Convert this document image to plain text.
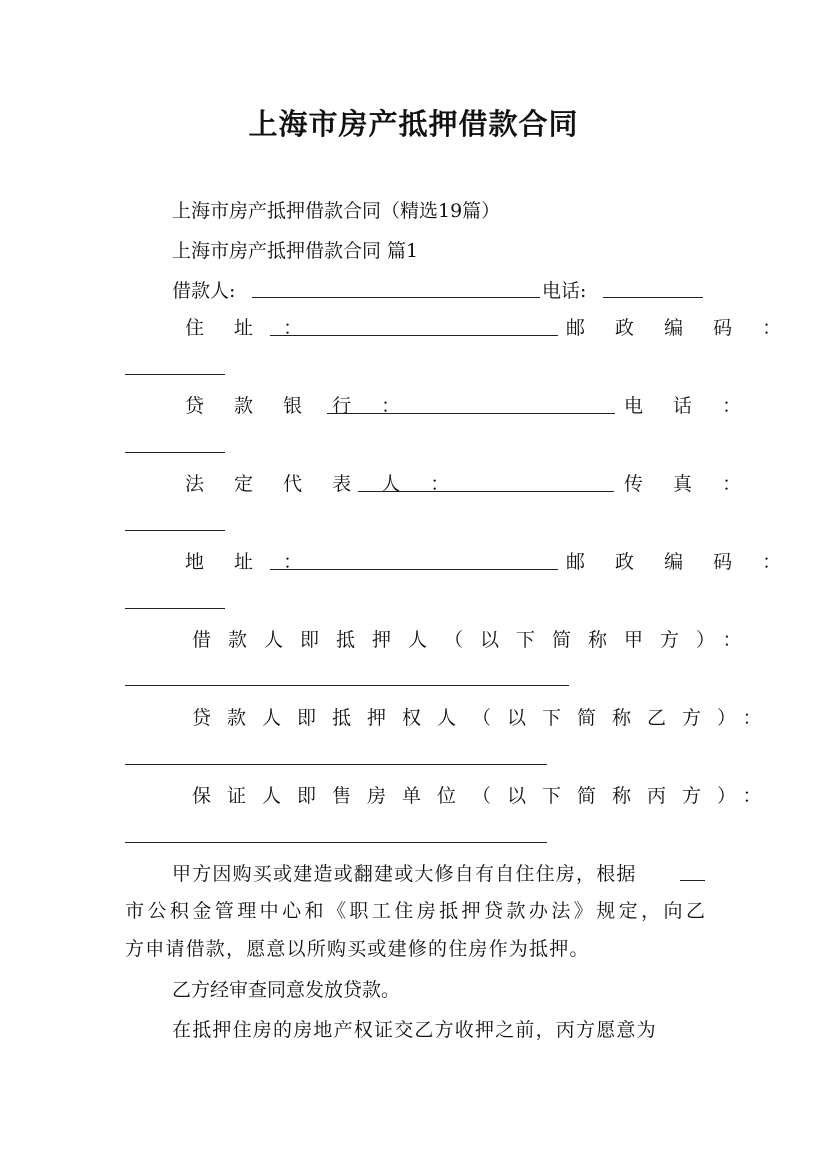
上海市房产抵押借款合同
上海市房产抵押借款合同（精选19篇）
上海市房产抵押借款合同 篇1
借款人:	电话:
住 址 ：	邮 政 编 码 ：
贷 款 银 行 ：	电 话 ：
法 定 代 表 人 ：	传 真 ：
地 址 ：	邮 政 编 码 ：
借款人即抵押人（以下简称甲方）：
贷款人即抵押权人（以下简称乙方）：
保证人即售房单位（以下简称丙方）：
甲方因购买或建造或翻建或大修自有自住住房，根据
市公积金管理中心和《职工住房抵押贷款办法》规定，向乙
方申请借款，愿意以所购买或建修的住房作为抵押。
乙方经审查同意发放贷款。
在抵押住房的房地产权证交乙方收押之前，丙方愿意为
